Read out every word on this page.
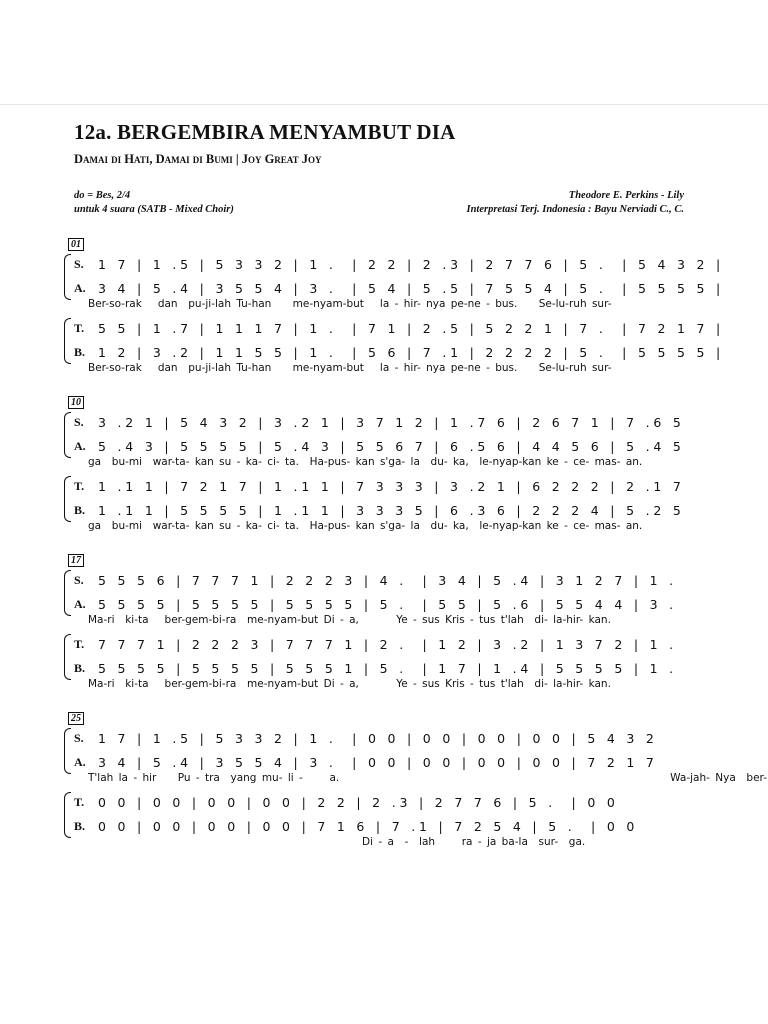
12a. BERGEMBIRA MENYAMBUT DIA
Damai di Hati, Damai di Bumi | Joy Great Joy
do = Bes, 2/4
untuk 4 suara (SATB - Mixed Choir)
Theodore E. Perkins - Lily
Interpretasi Terj. Indonesia : Bayu Nerviadi C., C.
01
S. 1 7 | 1 .5 | 5 3 3 2 | 1 .  | 2 2 | 2 .3 | 2 7 7 6 | 5 .  | 5 4 3 2 |
A. 3 4 | 5 .4 | 3 5 5 4 | 3 .  | 5 4 | 5 .5 | 7 5 5 4 | 5 .  | 5 5 5 5 |
Ber-so-rak   dan  pu-ji-lah Tu-han    me-nyam-but   la - hir- nya pe-ne - bus.    Se-lu-ruh sur-
T. 5 5 | 1 .7 | 1 1 1 7 | 1 .  | 7 1 | 2 .5 | 5 2 2 1 | 7 .  | 7 2 1 7 |
B. 1 2 | 3 .2 | 1 1 5 5 | 1 .  | 5 6 | 7 .1 | 2 2 2 2 | 5 .  | 5 5 5 5 |
Ber-so-rak   dan  pu-ji-lah Tu-han    me-nyam-but   la - hir- nya pe-ne - bus.    Se-lu-ruh sur-
10
S. 3 .2 1 | 5 4 3 2 | 3 .2 1 | 3 7 1 2 | 1 .7 6 | 2 6 7 1 | 7 .6 5
A. 5 .4 3 | 5 5 5 5 | 5 .4 3 | 5 5 6 7 | 6 .5 6 | 4 4 5 6 | 5 .4 5
ga  bu-mi  war-ta- kan su - ka- ci- ta.  Ha-pus- kan s'ga- la  du- ka,  le-nyap-kan ke - ce- mas- an.
T. 1 .1 1 | 7 2 1 7 | 1 .1 1 | 7 3 3 3 | 3 .2 1 | 6 2 2 2 | 2 .1 7
B. 1 .1 1 | 5 5 5 5 | 1 .1 1 | 3 3 3 5 | 6 .3 6 | 2 2 2 4 | 5 .2 5
ga  bu-mi  war-ta- kan su - ka- ci- ta.  Ha-pus- kan s'ga- la  du- ka,  le-nyap-kan ke - ce- mas- an.
17
S. 5 5 5 6 | 7 7 7 1 | 2 2 2 3 | 4 .  | 3 4 | 5 .4 | 3 1 2 7 | 1 .
A. 5 5 5 5 | 5 5 5 5 | 5 5 5 5 | 5 .  | 5 5 | 5 .6 | 5 5 4 4 | 3 .
Ma-ri  ki-ta   ber-gem-bi-ra  me-nyam-but Di - a,       Ye - sus Kris - tus t'lah  di- la-hir- kan.
T. 7 7 7 1 | 2 2 2 3 | 7 7 7 1 | 2 .  | 1 2 | 3 .2 | 1 3 7 2 | 1 .
B. 5 5 5 5 | 5 5 5 5 | 5 5 5 1 | 5 .  | 1 7 | 1 .4 | 5 5 5 5 | 1 .
Ma-ri  ki-ta   ber-gem-bi-ra  me-nyam-but Di - a,       Ye - sus Kris - tus t'lah  di- la-hir- kan.
25
S. 1 7 | 1 .5 | 5 3 3 2 | 1 .  | 0 0 | 0 0 | 0 0 | 0 0 | 5 4 3 2
A. 3 4 | 5 .4 | 3 5 5 4 | 3 .  | 0 0 | 0 0 | 0 0 | 0 0 | 7 2 1 7
T'lah la - hir    Pu - tra  yang mu- li -     a.                                                              Wa-jah- Nya  ber-
T. 0 0 | 0 0 | 0 0 | 0 0 | 2 2 | 2 .3 | 2 7 7 6 | 5 .  | 0 0
B. 0 0 | 0 0 | 0 0 | 0 0 | 7 1 6 | 7 .1 | 7 2 5 4 | 5 .  | 0 0
Di - a  -  lah     ra - ja ba-la  sur-  ga.
